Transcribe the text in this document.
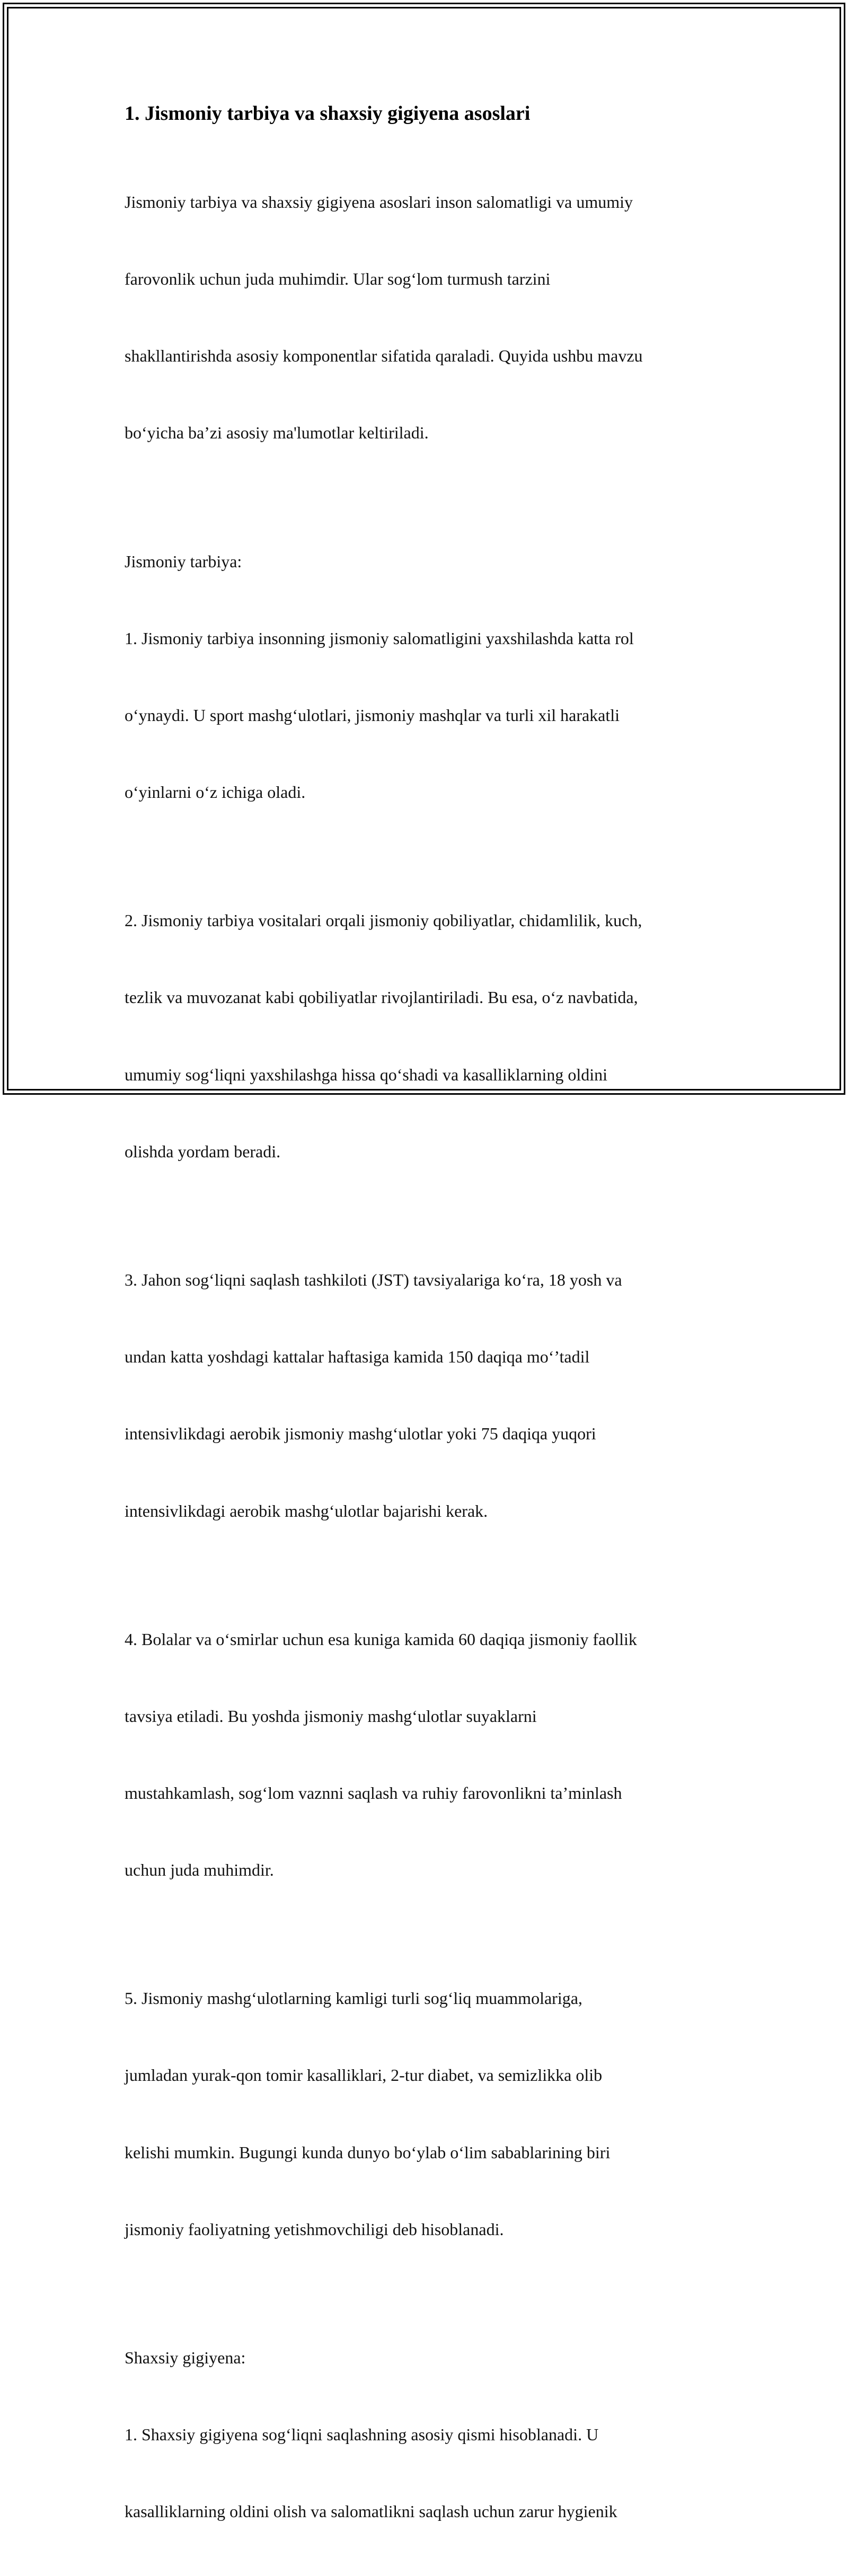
1. Jismoniy tarbiya va shaxsiy gigiyena asoslari

Jismoniy tarbiya va shaxsiy gigiyena asoslari inson salomatligi va umumiy

farovonlik uchun juda muhimdir. Ular sog‘lom turmush tarzini

shakllantirishda asosiy komponentlar sifatida qaraladi. Quyida ushbu mavzu

bo‘yicha ba’zi asosiy ma'lumotlar keltiriladi.

Jismoniy tarbiya:

1. Jismoniy tarbiya insonning jismoniy salomatligini yaxshilashda katta rol

o‘ynaydi. U sport mashg‘ulotlari, jismoniy mashqlar va turli xil harakatli

o‘yinlarni o‘z ichiga oladi.

2. Jismoniy tarbiya vositalari orqali jismoniy qobiliyatlar, chidamlilik, kuch,

tezlik va muvozanat kabi qobiliyatlar rivojlantiriladi. Bu esa, o‘z navbatida,

umumiy sog‘liqni yaxshilashga hissa qo‘shadi va kasalliklarning oldini

olishda yordam beradi.

3. Jahon sog‘liqni saqlash tashkiloti (JST) tavsiyalariga ko‘ra, 18 yosh va

undan katta yoshdagi kattalar haftasiga kamida 150 daqiqa mo‘’tadil

intensivlikdagi aerobik jismoniy mashg‘ulotlar yoki 75 daqiqa yuqori

intensivlikdagi aerobik mashg‘ulotlar bajarishi kerak.

4. Bolalar va o‘smirlar uchun esa kuniga kamida 60 daqiqa jismoniy faollik

tavsiya etiladi. Bu yoshda jismoniy mashg‘ulotlar suyaklarni

mustahkamlash, sog‘lom vaznni saqlash va ruhiy farovonlikni ta’minlash

uchun juda muhimdir.

5. Jismoniy mashg‘ulotlarning kamligi turli sog‘liq muammolariga,

jumladan yurak-qon tomir kasalliklari, 2-tur diabet, va semizlikka olib

kelishi mumkin. Bugungi kunda dunyo bo‘ylab o‘lim sabablarining biri

jismoniy faoliyatning yetishmovchiligi deb hisoblanadi.

Shaxsiy gigiyena:

1. Shaxsiy gigiyena sog‘liqni saqlashning asosiy qismi hisoblanadi. U

kasalliklarning oldini olish va salomatlikni saqlash uchun zarur hygienik
